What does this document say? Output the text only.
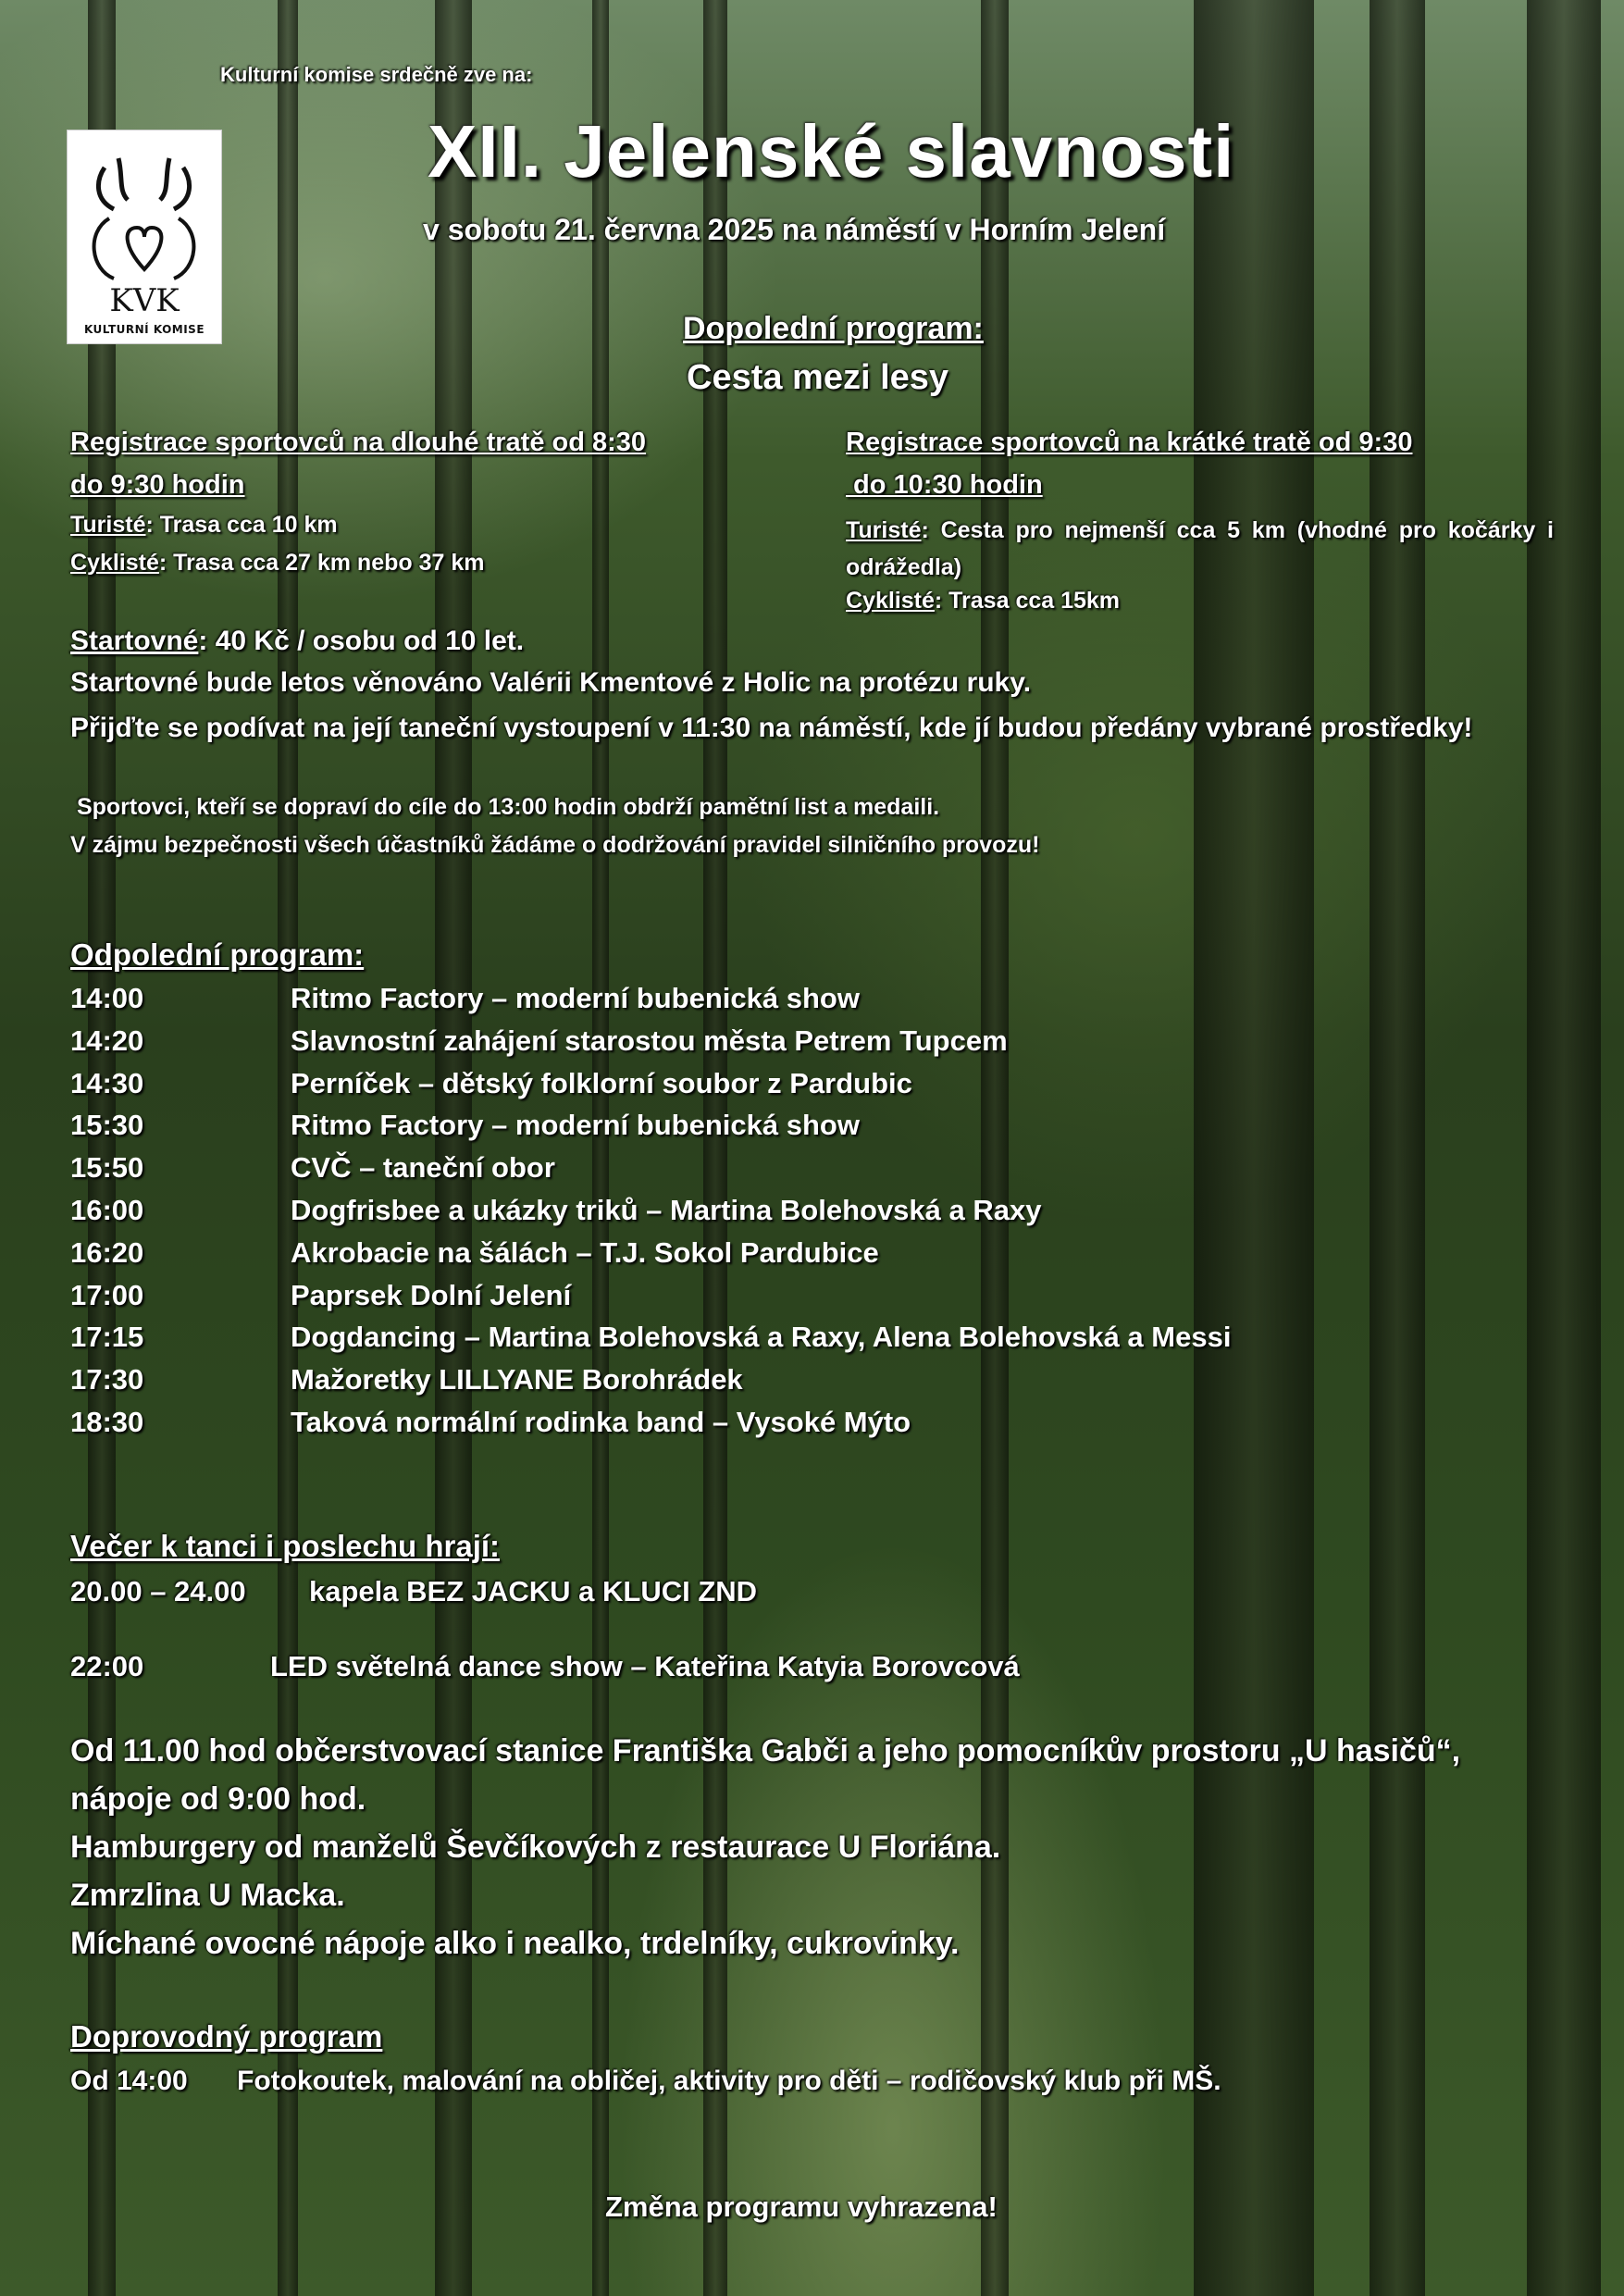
KVK
KULTURNÍ KOMISE
Kulturní komise srdečně zve na:
XII. Jelenské slavnosti
v sobotu 21. června 2025 na náměstí v Horním Jelení
Dopolední program:
Cesta mezi lesy
Registrace sportovců na dlouhé tratě od 8:30
do 9:30 hodin
Turisté: Trasa cca 10 km
Cyklisté: Trasa cca 27 km nebo 37 km
Registrace sportovců na krátké tratě od 9:30
do 10:30 hodin
Turisté: Cesta pro nejmenší cca 5 km (vhodné pro kočárky i odrážedla)
Cyklisté: Trasa cca 15km
Startovné: 40 Kč / osobu od 10 let.
Startovné bude letos věnováno Valérii Kmentové z Holic na protézu ruky.
Přijďte se podívat na její taneční vystoupení v 11:30 na náměstí, kde jí budou předány vybrané prostředky!
Sportovci, kteří se dopraví do cíle do 13:00 hodin obdrží pamětní list a medaili.
V zájmu bezpečnosti všech účastníků žádáme o dodržování pravidel silničního provozu!
Odpolední program:
14:00	Ritmo Factory – moderní bubenická show
14:20	Slavnostní zahájení starostou města Petrem Tupcem
14:30	Perníček – dětský folklorní soubor z Pardubic
15:30	Ritmo Factory – moderní bubenická show
15:50	CVČ – taneční obor
16:00	Dogfrisbee a ukázky triků – Martina Bolehovská a Raxy
16:20	Akrobacie na šálách – T.J. Sokol Pardubice
17:00	Paprsek Dolní Jelení
17:15	Dogdancing – Martina Bolehovská a Raxy, Alena Bolehovská a Messi
17:30	Mažoretky LILLYANE Borohrádek
18:30	Taková normální rodinka band – Vysoké Mýto
Večer k tanci i poslechu hrají:
20.00 – 24.00 kapela BEZ JACKU a KLUCI ZND
22:00	LED světelná dance show – Kateřina Katyia Borovcová
Od 11.00 hod občerstvovací stanice Františka Gabči a jeho pomocníkův prostoru „U hasičů“,
nápoje od 9:00 hod.
Hamburgery od manželů Ševčíkových z restaurace U Floriána.
Zmrzlina U Macka.
Míchané ovocné nápoje alko i nealko, trdelníky, cukrovinky.
Doprovodný program
Od 14:00 Fotokoutek, malování na obličej, aktivity pro děti – rodičovský klub při MŠ.
Změna programu vyhrazena!
